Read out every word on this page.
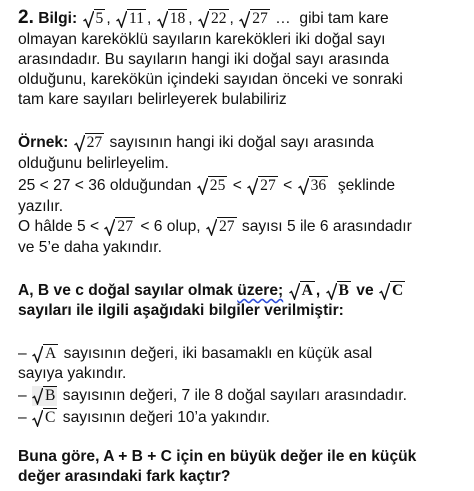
2. Bilgi: 5 ,
11 ,
18 ,
22 ,
27 … gibi tam kare
olmayan kareköklü sayıların karekökleri iki doğal sayı
arasındadır. Bu sayıların hangi iki doğal sayı arasında
olduğunu, karekökün içindeki sayıdan önceki ve sonraki
tam kare sayıları belirleyerek bulabiliriz
Örnek: 27 sayısının hangi iki doğal sayı arasında
olduğunu belirleyelim.
25 < 27 < 36 olduğundan 25 < 27 < 36 şeklinde
yazılır.
O hâlde 5 < 27 < 6 olup, 27 sayısı 5 ile 6 arasındadır
ve 5’e daha yakındır.
A, B ve c doğal sayılar olmak üzere; A ,
B ve C
sayıları ile ilgili aşağıdaki bilgiler verilmiştir:
– A sayısının değeri, iki basamaklı en küçük asal
sayıya yakındır.
– B sayısının değeri, 7 ile 8 doğal sayıları arasındadır.
– C sayısının değeri 10’a yakındır.
Buna göre, A + B + C için en büyük değer ile en küçük
değer arasındaki fark kaçtır?
